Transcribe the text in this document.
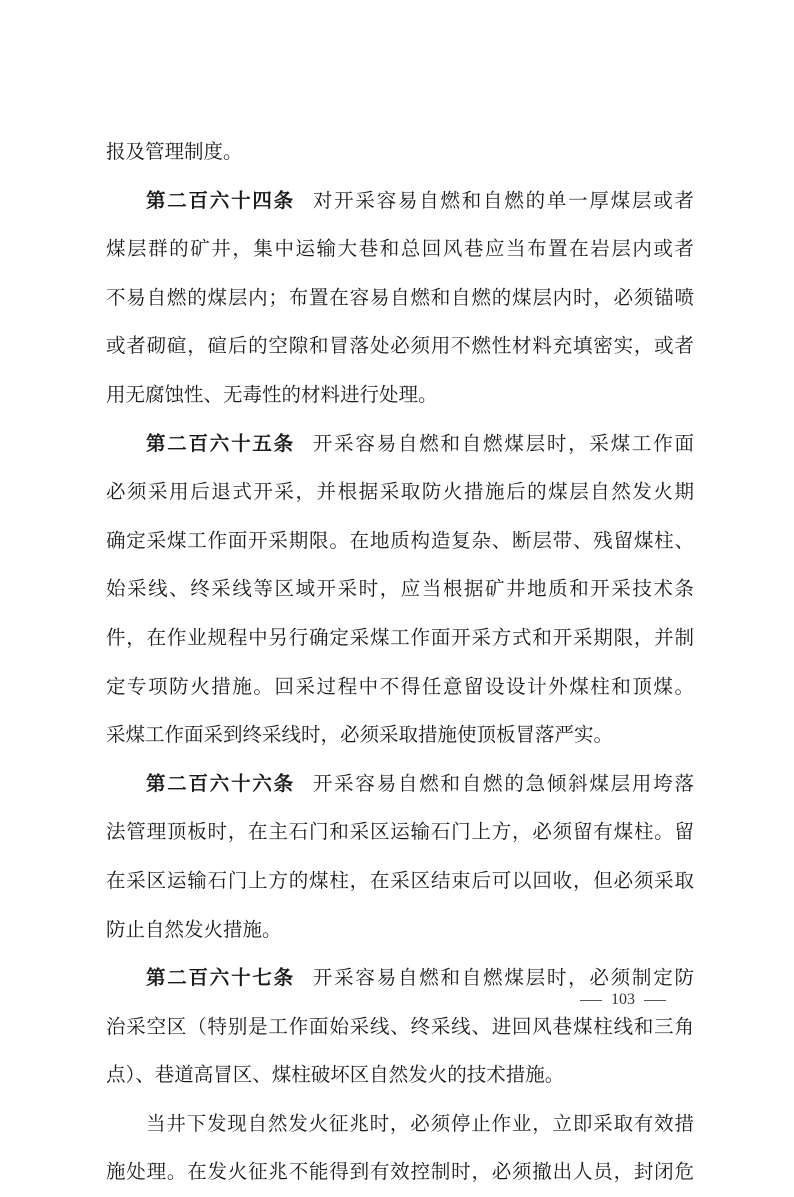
报及管理制度。
第二百六十四条 对开采容易自燃和自燃的单一厚煤层或者
煤层群的矿井，集中运输大巷和总回风巷应当布置在岩层内或者
不易自燃的煤层内；布置在容易自燃和自燃的煤层内时，必须锚喷
或者砌碹，碹后的空隙和冒落处必须用不燃性材料充填密实，或者
用无腐蚀性、无毒性的材料进行处理。
第二百六十五条 开采容易自燃和自燃煤层时，采煤工作面
必须采用后退式开采，并根据采取防火措施后的煤层自然发火期
确定采煤工作面开采期限。在地质构造复杂、断层带、残留煤柱、
始采线、终采线等区域开采时，应当根据矿井地质和开采技术条
件，在作业规程中另行确定采煤工作面开采方式和开采期限，并制
定专项防火措施。回采过程中不得任意留设设计外煤柱和顶煤。
采煤工作面采到终采线时，必须采取措施使顶板冒落严实。
第二百六十六条 开采容易自燃和自燃的急倾斜煤层用垮落
法管理顶板时，在主石门和采区运输石门上方，必须留有煤柱。留
在采区运输石门上方的煤柱，在采区结束后可以回收，但必须采取
防止自然发火措施。
第二百六十七条 开采容易自燃和自燃煤层时，必须制定防
治采空区（特别是工作面始采线、终采线、进回风巷煤柱线和三角
点）、巷道高冒区、煤柱破坏区自然发火的技术措施。
当井下发现自然发火征兆时，必须停止作业，立即采取有效措
施处理。在发火征兆不能得到有效控制时，必须撤出人员，封闭危
103
